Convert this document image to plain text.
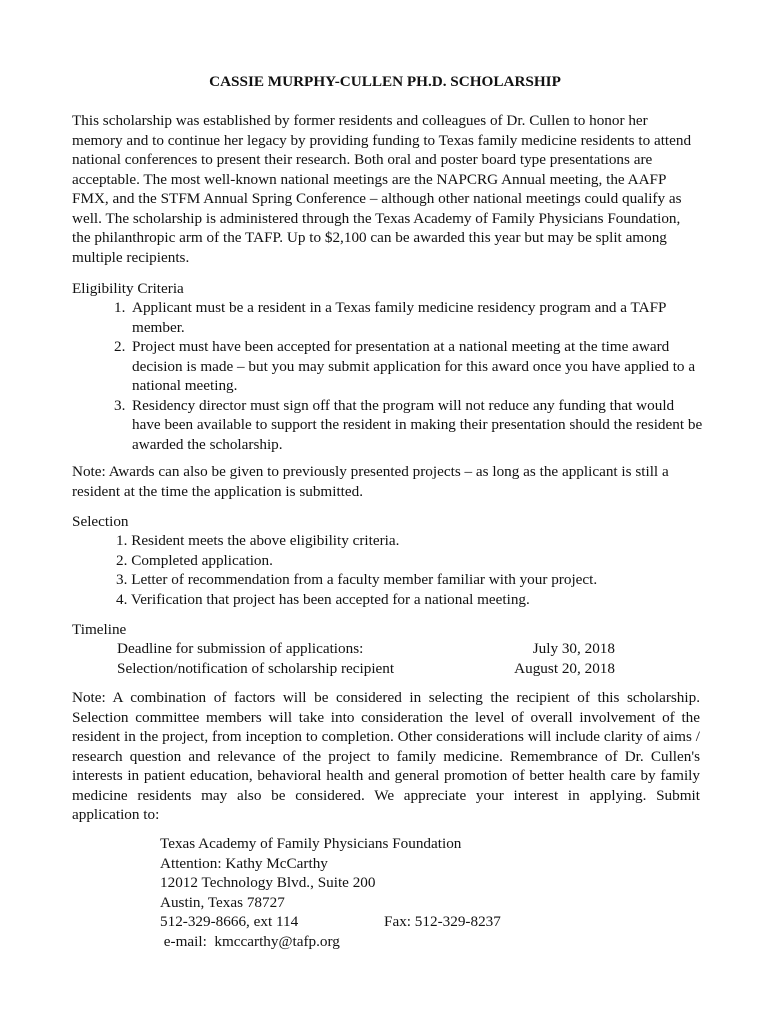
CASSIE MURPHY-CULLEN PH.D. SCHOLARSHIP
This scholarship was established by former residents and colleagues of Dr. Cullen to honor her memory and to continue her legacy by providing funding to Texas family medicine residents to attend national conferences to present their research. Both oral and poster board type presentations are acceptable. The most well-known national meetings are the NAPCRG Annual meeting, the AAFP FMX, and the STFM Annual Spring Conference – although other national meetings could qualify as well. The scholarship is administered through the Texas Academy of Family Physicians Foundation, the philanthropic arm of the TAFP. Up to $2,100 can be awarded this year but may be split among multiple recipients.
Eligibility Criteria
1. Applicant must be a resident in a Texas family medicine residency program and a TAFP member.
2. Project must have been accepted for presentation at a national meeting at the time award decision is made – but you may submit application for this award once you have applied to a national meeting.
3. Residency director must sign off that the program will not reduce any funding that would have been available to support the resident in making their presentation should the resident be awarded the scholarship.
Note: Awards can also be given to previously presented projects – as long as the applicant is still a resident at the time the application is submitted.
Selection
1. Resident meets the above eligibility criteria.
2. Completed application.
3. Letter of recommendation from a faculty member familiar with your project.
4. Verification that project has been accepted for a national meeting.
Timeline
Deadline for submission of applications:	July 30, 2018
Selection/notification of scholarship recipient	August 20, 2018
Note: A combination of factors will be considered in selecting the recipient of this scholarship. Selection committee members will take into consideration the level of overall involvement of the resident in the project, from inception to completion. Other considerations will include clarity of aims / research question and relevance of the project to family medicine. Remembrance of Dr. Cullen's interests in patient education, behavioral health and general promotion of better health care by family medicine residents may also be considered. We appreciate your interest in applying. Submit application to:
Texas Academy of Family Physicians Foundation
Attention: Kathy McCarthy
12012 Technology Blvd., Suite 200
Austin, Texas 78727
512-329-8666, ext 114	Fax: 512-329-8237
e-mail:  kmccarthy@tafp.org
